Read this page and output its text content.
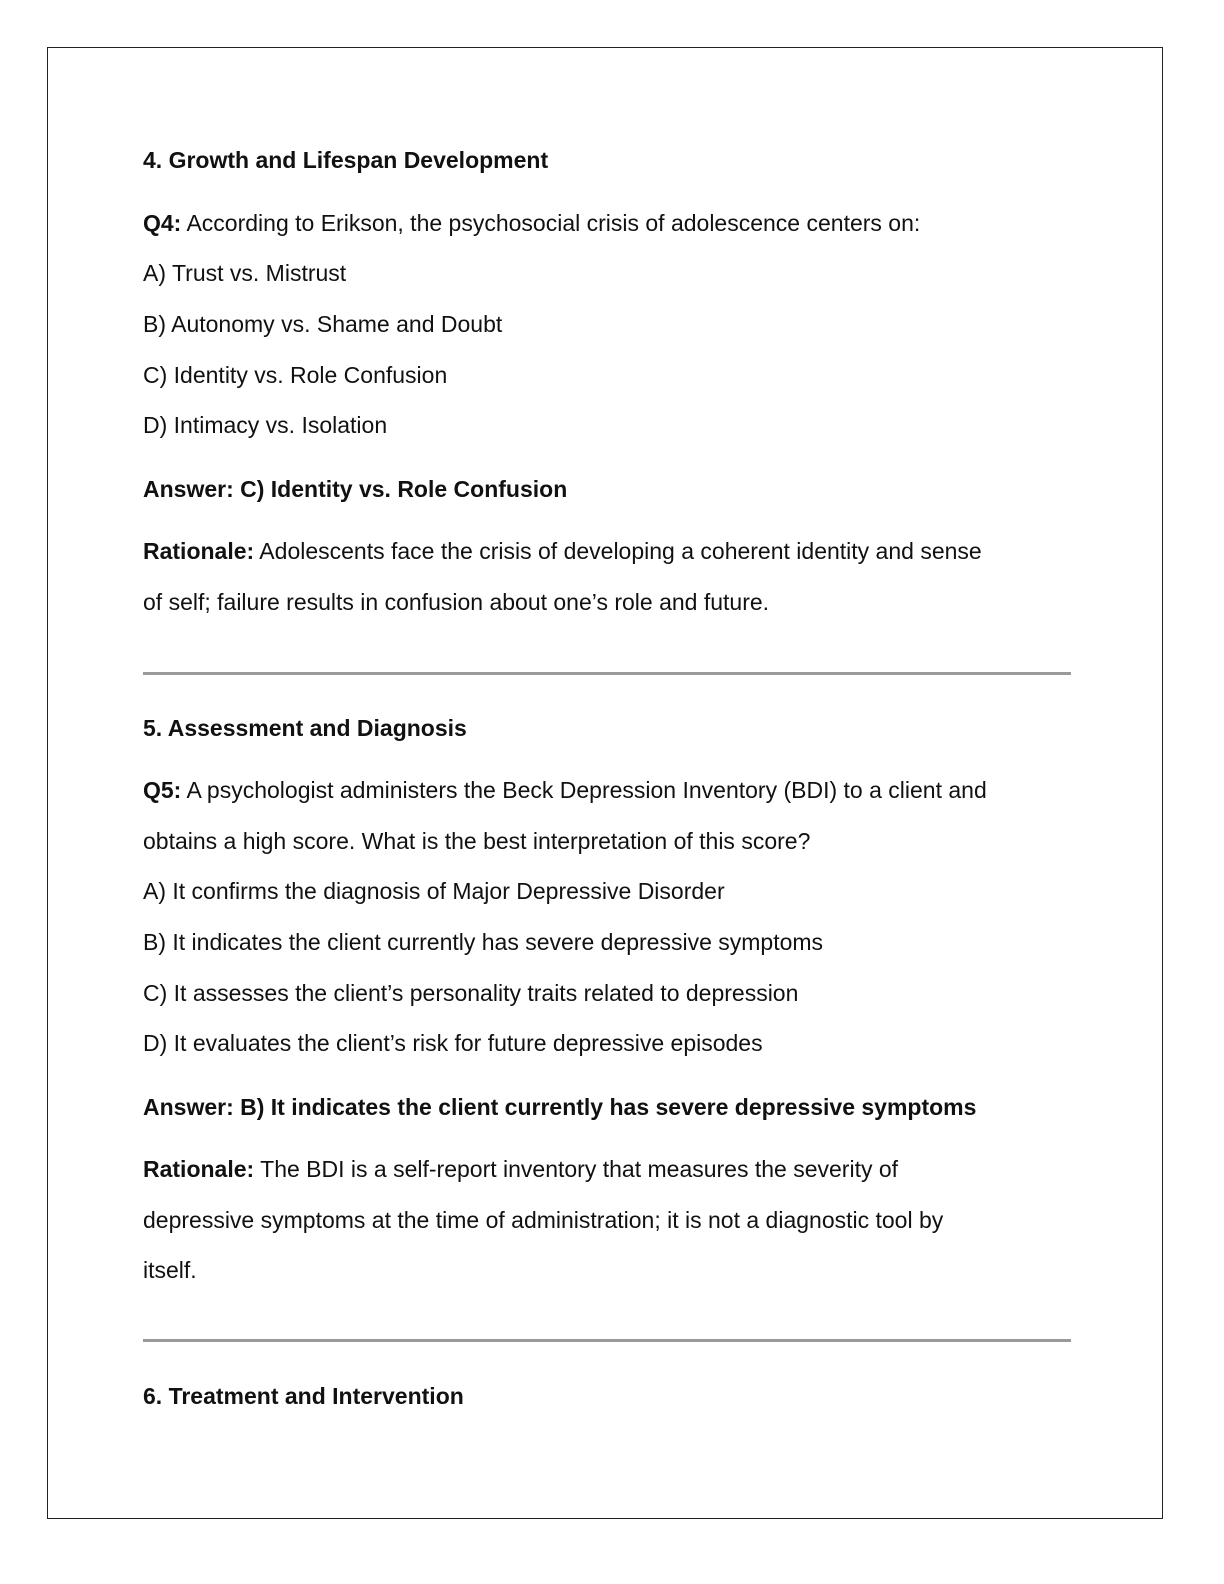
4. Growth and Lifespan Development
Q4: According to Erikson, the psychosocial crisis of adolescence centers on:
A) Trust vs. Mistrust
B) Autonomy vs. Shame and Doubt
C) Identity vs. Role Confusion
D) Intimacy vs. Isolation
Answer: C) Identity vs. Role Confusion
Rationale: Adolescents face the crisis of developing a coherent identity and sense
of self; failure results in confusion about one’s role and future.
5. Assessment and Diagnosis
Q5: A psychologist administers the Beck Depression Inventory (BDI) to a client and
obtains a high score. What is the best interpretation of this score?
A) It confirms the diagnosis of Major Depressive Disorder
B) It indicates the client currently has severe depressive symptoms
C) It assesses the client’s personality traits related to depression
D) It evaluates the client’s risk for future depressive episodes
Answer: B) It indicates the client currently has severe depressive symptoms
Rationale: The BDI is a self-report inventory that measures the severity of
depressive symptoms at the time of administration; it is not a diagnostic tool by
itself.
6. Treatment and Intervention
